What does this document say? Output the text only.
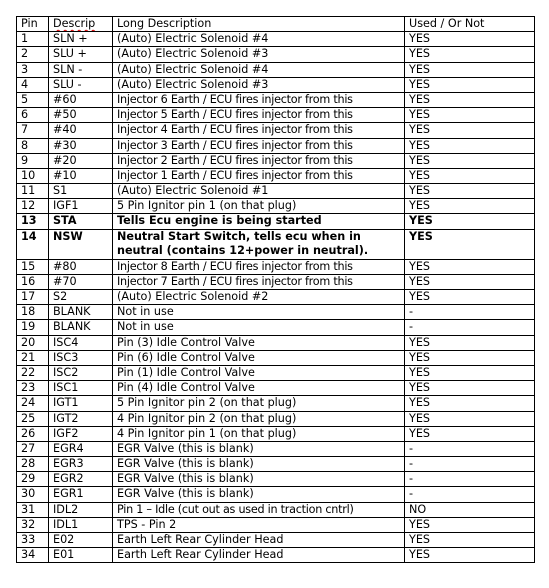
Pin	Descrip	Long Description	Used / Or Not
1	SLN +	(Auto) Electric Solenoid #4	YES
2	SLU +	(Auto) Electric Solenoid #3	YES
3	SLN -	(Auto) Electric Solenoid #4	YES
4	SLU -	(Auto) Electric Solenoid #3	YES
5	#60	Injector 6 Earth / ECU fires injector from this	YES
6	#50	Injector 5 Earth / ECU fires injector from this	YES
7	#40	Injector 4 Earth / ECU fires injector from this	YES
8	#30	Injector 3 Earth / ECU fires injector from this	YES
9	#20	Injector 2 Earth / ECU fires injector from this	YES
10	#10	Injector 1 Earth / ECU fires injector from this	YES
11	S1	(Auto) Electric Solenoid #1	YES
12	IGF1	5 Pin Ignitor pin 1 (on that plug)	YES
13	STA	Tells Ecu engine is being started	YES
14	NSW	Neutral Start Switch, tells ecu when in neutral (contains 12+power in neutral).	YES
15	#80	Injector 8 Earth / ECU fires injector from this	YES
16	#70	Injector 7 Earth / ECU fires injector from this	YES
17	S2	(Auto) Electric Solenoid #2	YES
18	BLANK	Not in use	-
19	BLANK	Not in use	-
20	ISC4	Pin (3) Idle Control Valve	YES
21	ISC3	Pin (6) Idle Control Valve	YES
22	ISC2	Pin (1) Idle Control Valve	YES
23	ISC1	Pin (4) Idle Control Valve	YES
24	IGT1	5 Pin Ignitor pin 2 (on that plug)	YES
25	IGT2	4 Pin Ignitor pin 2 (on that plug)	YES
26	IGF2	4 Pin Ignitor pin 1 (on that plug)	YES
27	EGR4	EGR Valve (this is blank)	-
28	EGR3	EGR Valve (this is blank)	-
29	EGR2	EGR Valve (this is blank)	-
30	EGR1	EGR Valve (this is blank)	-
31	IDL2	Pin 1 – Idle (cut out as used in traction cntrl)	NO
32	IDL1	TPS - Pin 2	YES
33	E02	Earth Left Rear Cylinder Head	YES
34	E01	Earth Left Rear Cylinder Head	YES
